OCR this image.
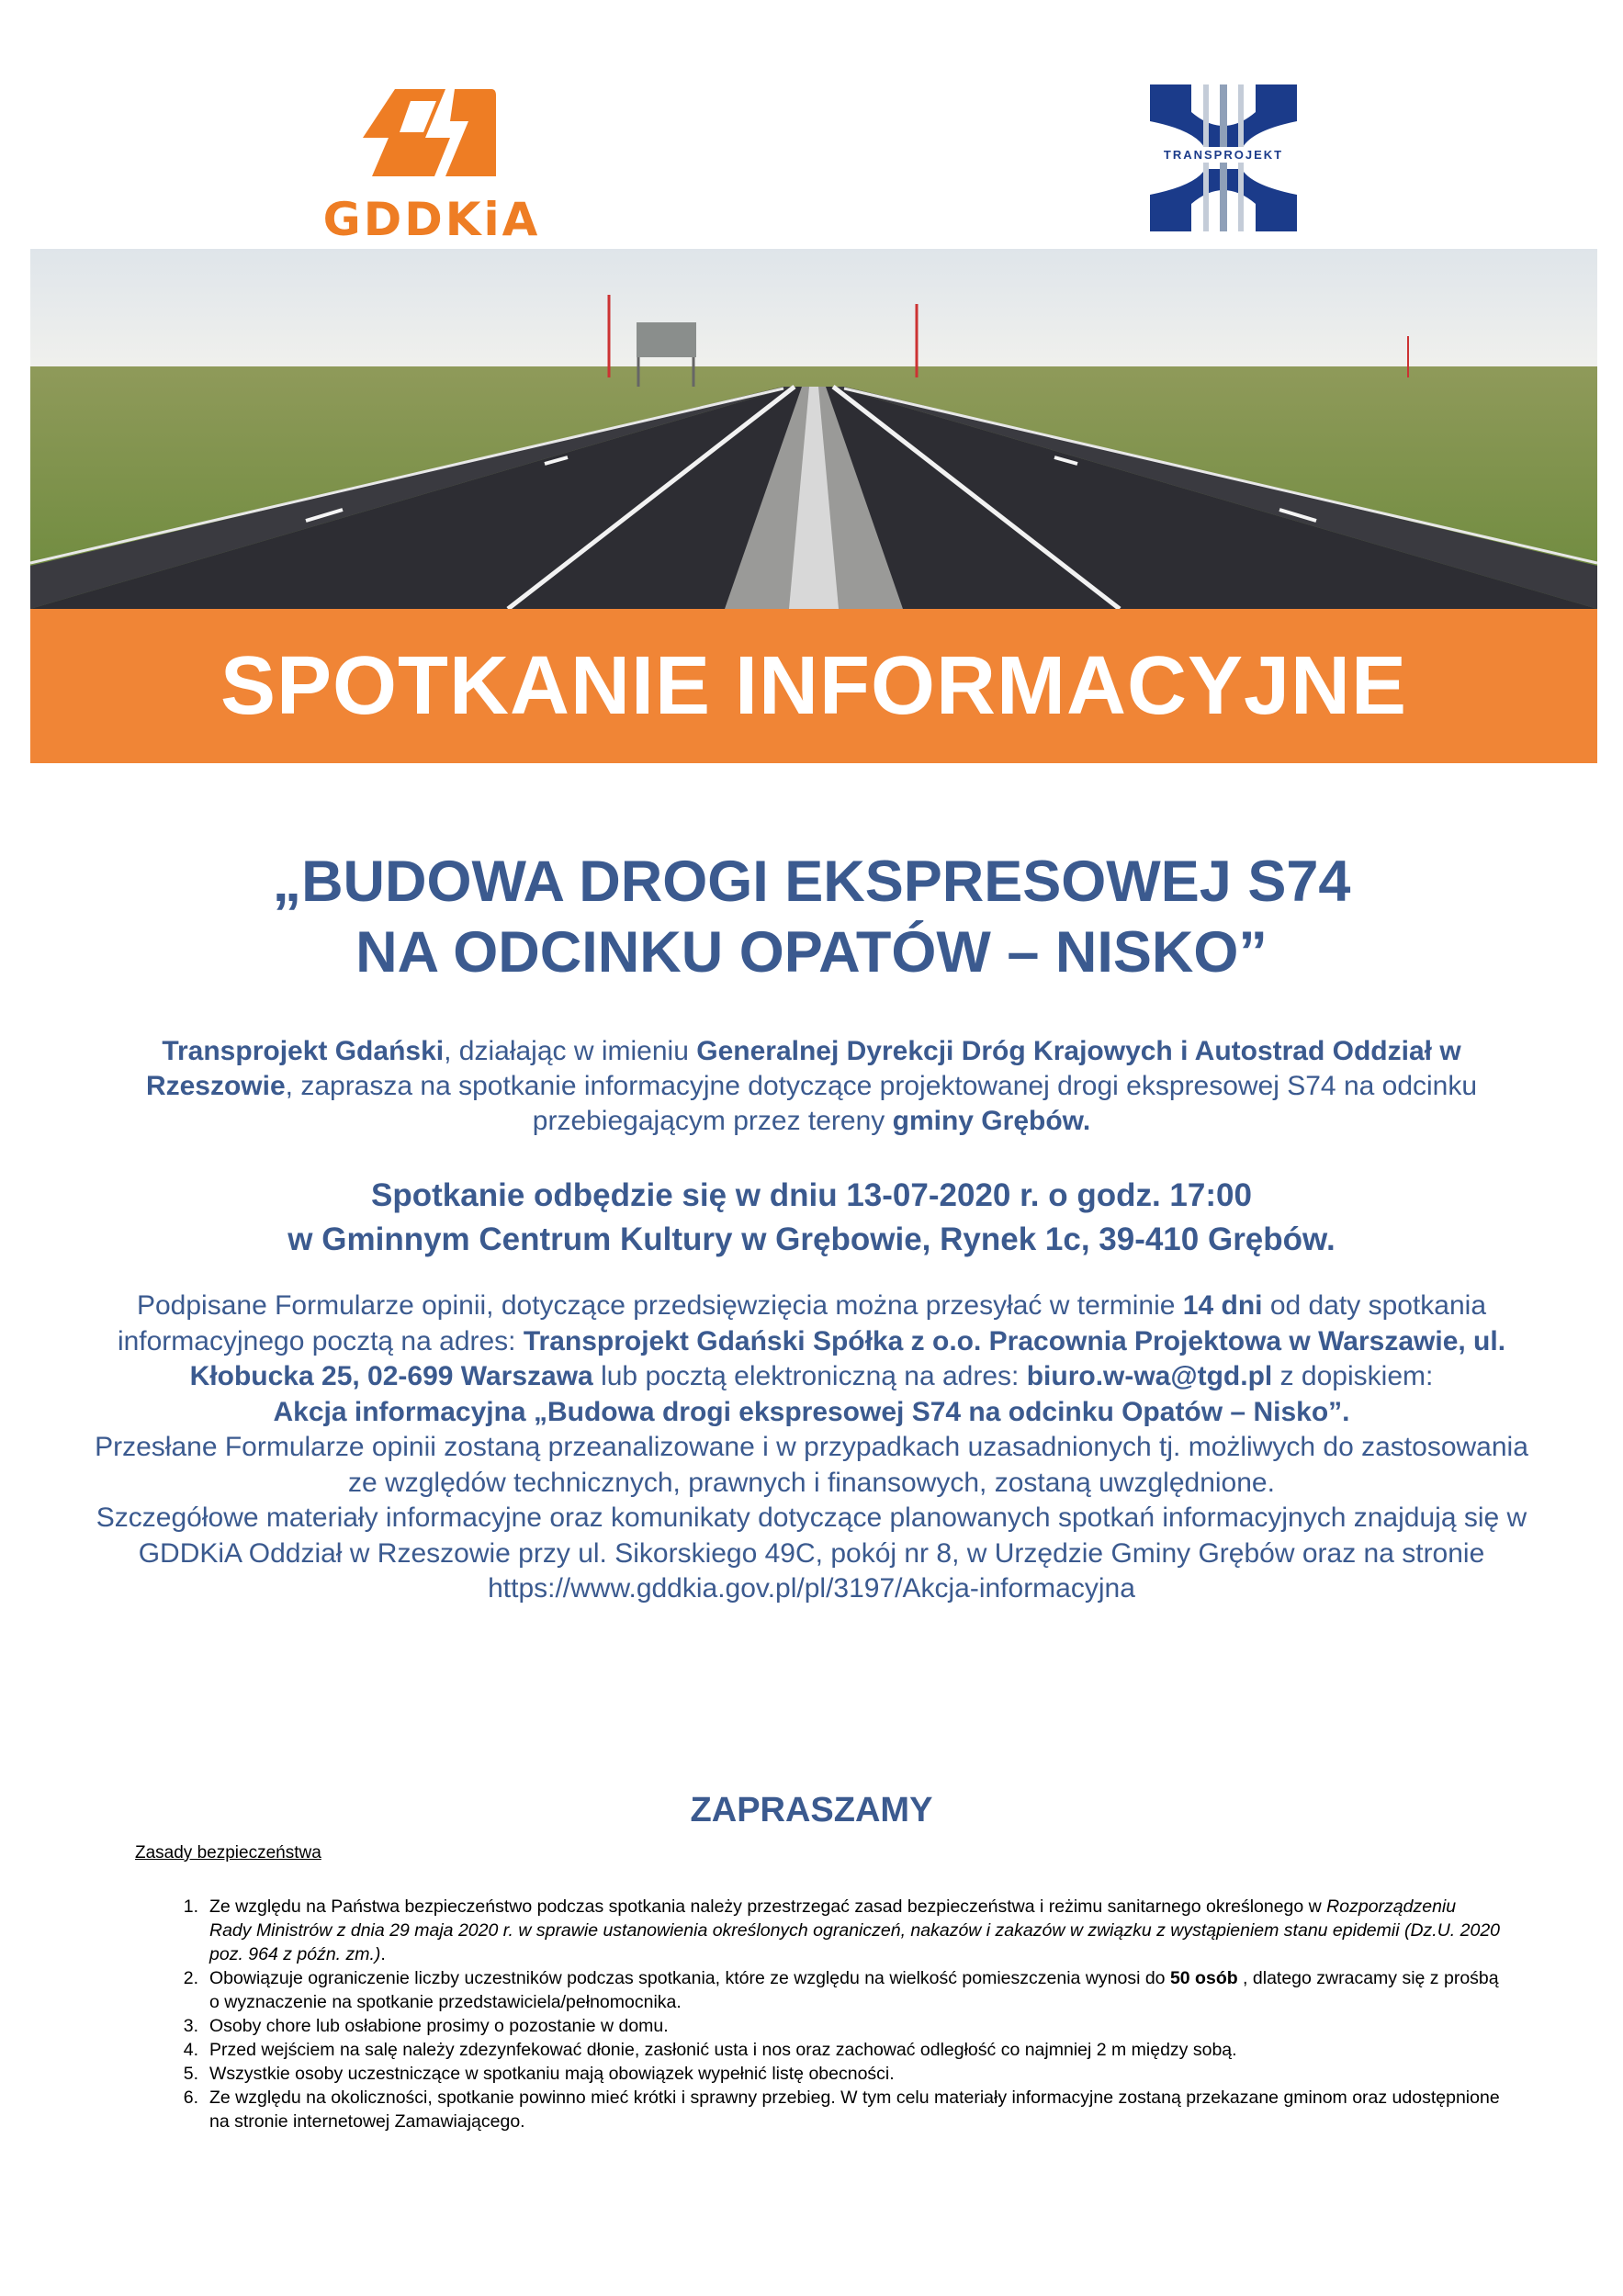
GDDKiA
TRANSPROJEKT
SPOTKANIE INFORMACYJNE
„BUDOWA DROGI EKSPRESOWEJ S74
NA ODCINKU OPATÓW – NISKO”
Transprojekt Gdański, działając w imieniu Generalnej Dyrekcji Dróg Krajowych i Autostrad Oddział w Rzeszowie, zaprasza na spotkanie informacyjne dotyczące projektowanej drogi ekspresowej S74 na odcinku przebiegającym przez tereny gminy Grębów.
Spotkanie odbędzie się w dniu 13-07-2020 r. o godz. 17:00
w Gminnym Centrum Kultury w Grębowie, Rynek 1c, 39-410 Grębów.
Podpisane Formularze opinii, dotyczące przedsięwzięcia można przesyłać w terminie 14 dni od daty spotkania informacyjnego pocztą na adres: Transprojekt Gdański Spółka z o.o. Pracownia Projektowa w Warszawie, ul. Kłobucka 25, 02-699 Warszawa lub pocztą elektroniczną na adres: biuro.w-wa@tgd.pl z dopiskiem:
Akcja informacyjna „Budowa drogi ekspresowej S74 na odcinku Opatów – Nisko”.
Przesłane Formularze opinii zostaną przeanalizowane i w przypadkach uzasadnionych tj. możliwych do zastosowania ze względów technicznych, prawnych i finansowych, zostaną uwzględnione.
Szczegółowe materiały informacyjne oraz komunikaty dotyczące planowanych spotkań informacyjnych znajdują się w GDDKiA Oddział w Rzeszowie przy ul. Sikorskiego 49C, pokój nr 8, w Urzędzie Gminy Grębów oraz na stronie
https://www.gddkia.gov.pl/pl/3197/Akcja-informacyjna
ZAPRASZAMY
Zasady bezpieczeństwa
1. Ze względu na Państwa bezpieczeństwo podczas spotkania należy przestrzegać zasad bezpieczeństwa i reżimu sanitarnego określonego w Rozporządzeniu Rady Ministrów z dnia 29 maja 2020 r. w sprawie ustanowienia określonych ograniczeń, nakazów i zakazów w związku z wystąpieniem stanu epidemii (Dz.U. 2020 poz. 964 z późn. zm.).
2. Obowiązuje ograniczenie liczby uczestników podczas spotkania, które ze względu na wielkość pomieszczenia wynosi do 50 osób , dlatego zwracamy się z prośbą o wyznaczenie na spotkanie przedstawiciela/pełnomocnika.
3. Osoby chore lub osłabione prosimy o pozostanie w domu.
4. Przed wejściem na salę należy zdezynfekować dłonie, zasłonić usta i nos oraz zachować odległość co najmniej 2 m między sobą.
5. Wszystkie osoby uczestniczące w spotkaniu mają obowiązek wypełnić listę obecności.
6. Ze względu na okoliczności, spotkanie powinno mieć krótki i sprawny przebieg. W tym celu materiały informacyjne zostaną przekazane gminom oraz udostępnione na stronie internetowej Zamawiającego.
